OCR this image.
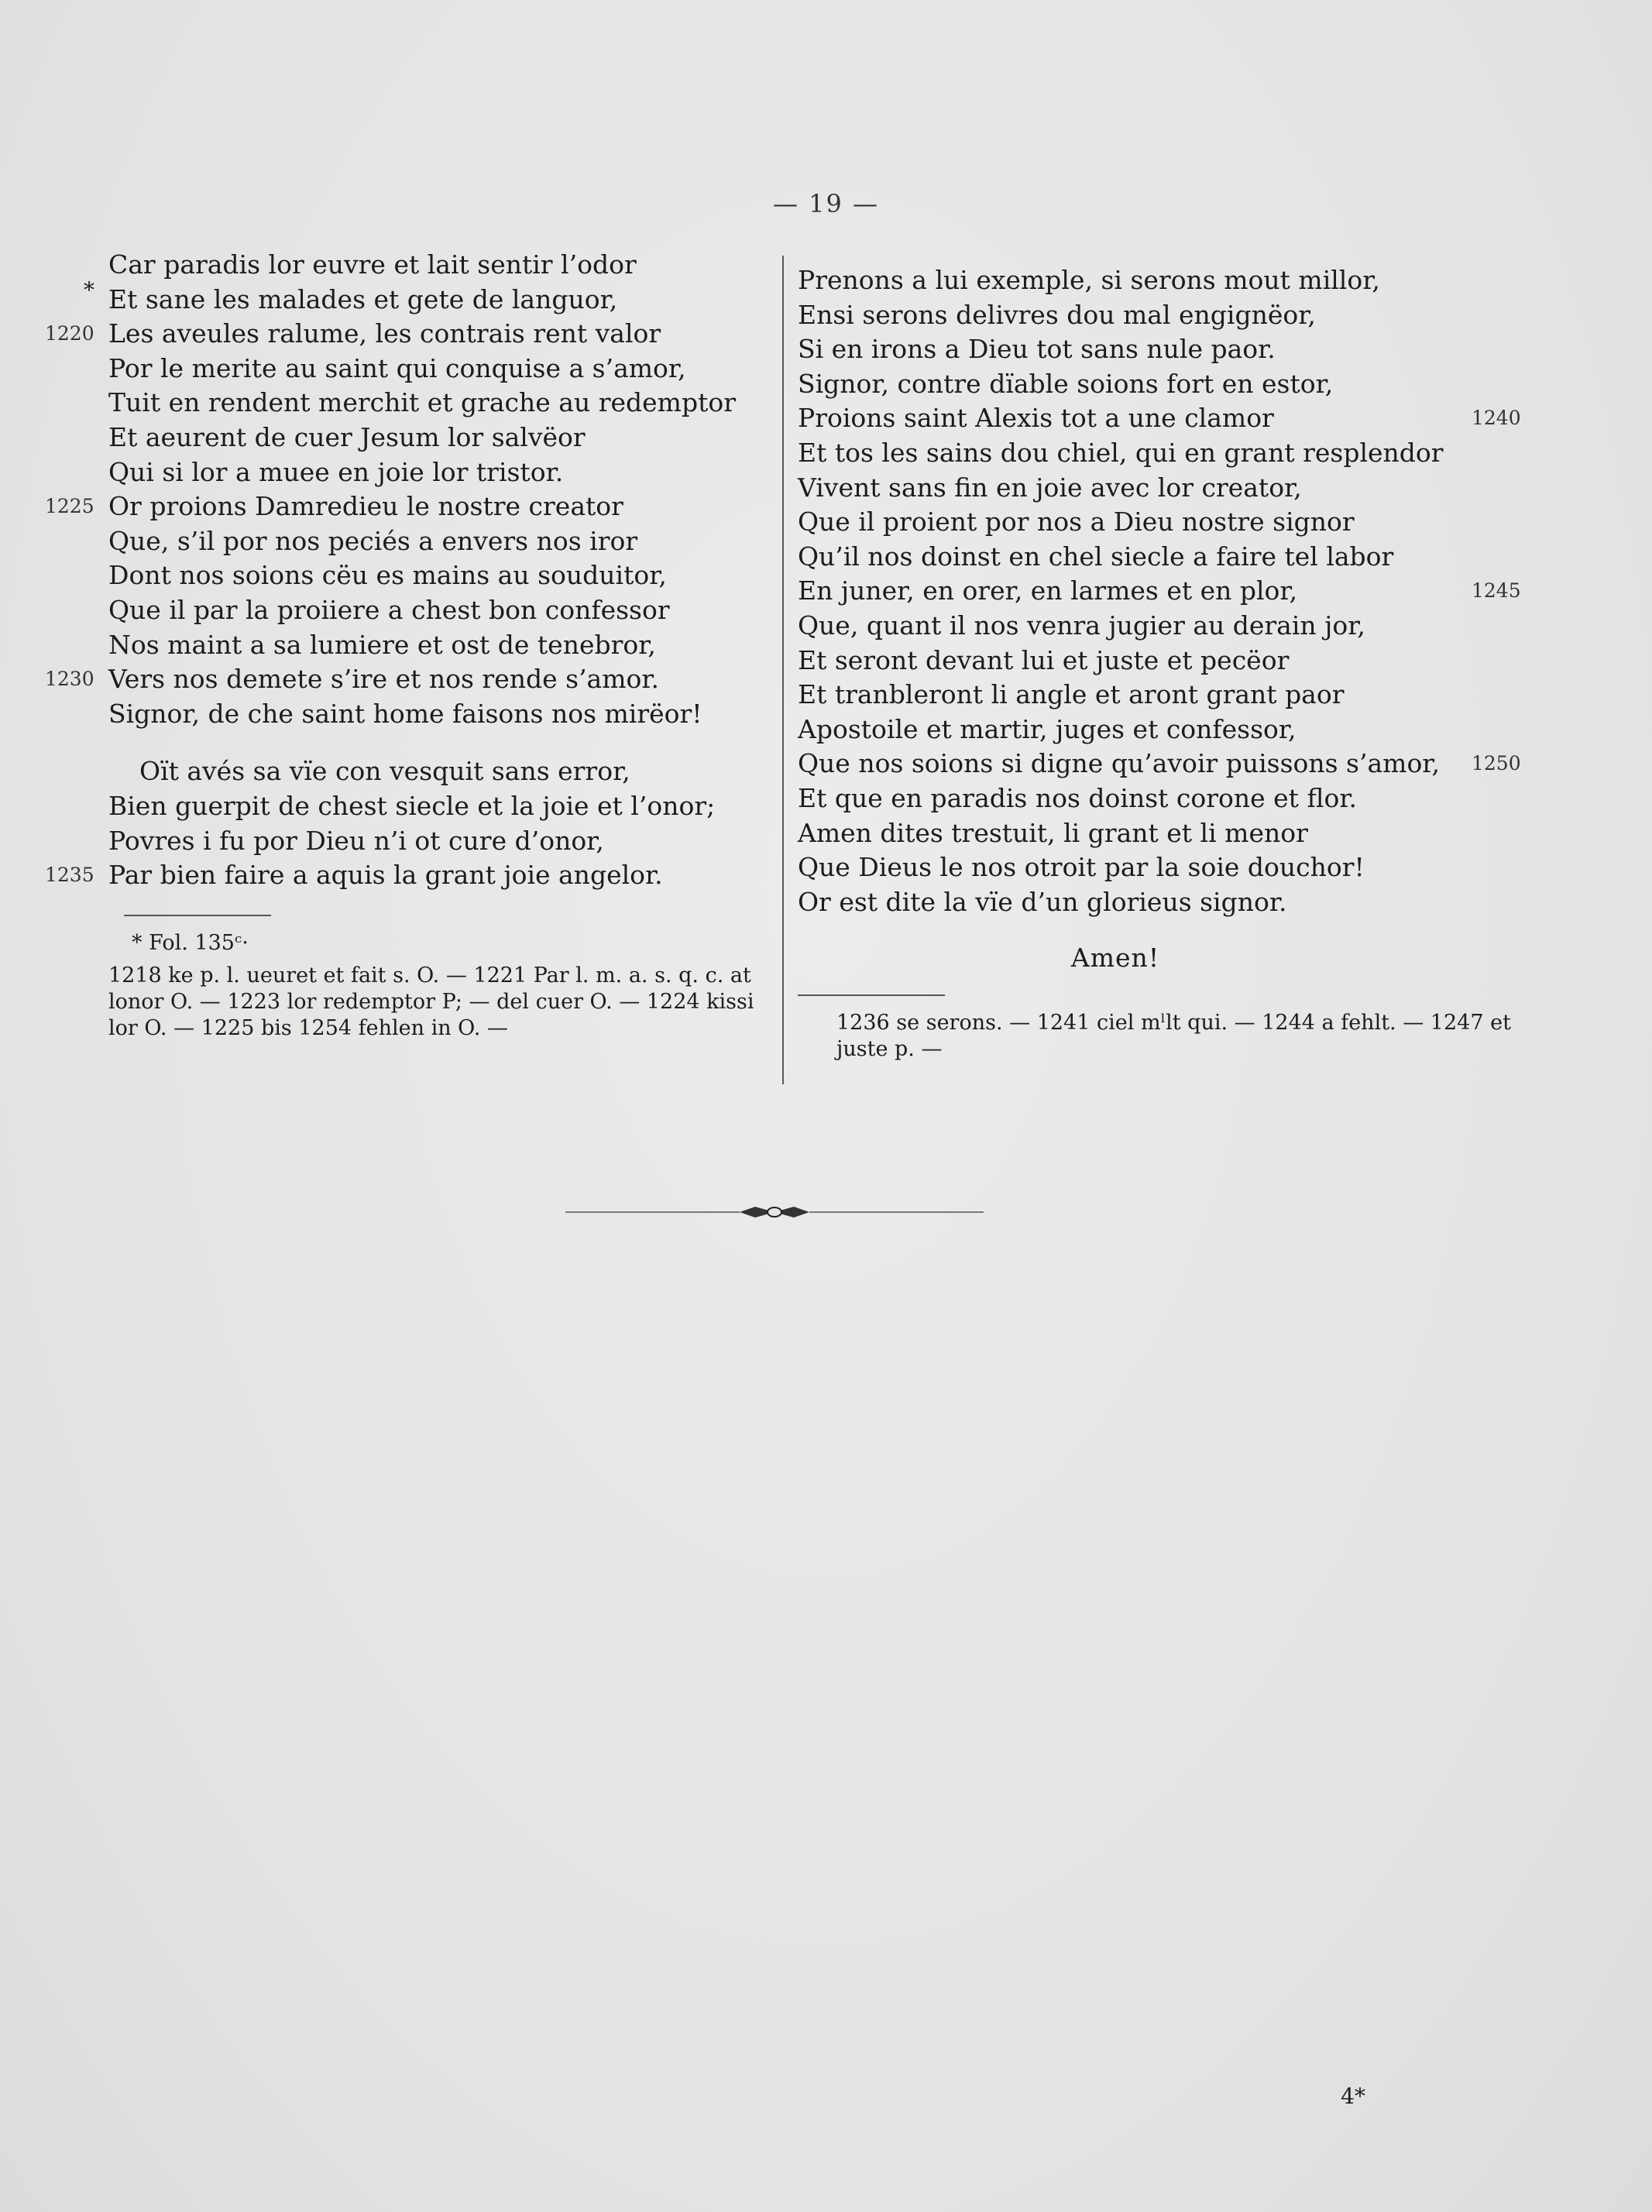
— 19 —
Car paradis lor euvre et lait sentir l’odor
* Et sane les malades et gete de languor,
Les aveules ralume, les contrais rent valor
1220
Por le merite au saint qui conquise a s’amor,
Tuit en rendent merchit et grache au redemptor
Et aeurent de cuer Jesum lor salvëor
Qui si lor a muee en joie lor tristor.
Or proions Damredieu le nostre creator
1225
Que, s’il por nos peciés a envers nos iror
Dont nos soions cëu es mains au souduitor,
Que il par la proiiere a chest bon confessor
Nos maint a sa lumiere et ost de tenebror,
Vers nos demete s’ire et nos rende s’amor.
1230
Signor, de che saint home faisons nos mirëor!
Oït avés sa vïe con vesquit sans error,
Bien guerpit de chest siecle et la joie et l’onor;
Povres i fu por Dieu n’i ot cure d’onor,
Par bien faire a aquis la grant joie angelor.
1235
* Fol. 135ᶜ·
1218 ke p. l. ueuret et fait s. O. — 1221 Par l. m. a. s. q. c. at lonor O. — 1223 lor redemptor P; — del cuer O. — 1224 kissi lor O. — 1225 bis 1254 fehlen in O. —
Prenons a lui exemple, si serons mout millor,
Ensi serons delivres dou mal engignëor,
Si en irons a Dieu tot sans nule paor.
Signor, contre dïable soions fort en estor,
Proions saint Alexis tot a une clamor	1240
Et tos les sains dou chiel, qui en grant resplendor
Vivent sans fin en joie avec lor creator,
Que il proient por nos a Dieu nostre signor
Qu’il nos doinst en chel siecle a faire tel labor
En juner, en orer, en larmes et en plor,	1245
Que, quant il nos venra jugier au derain jor,
Et seront devant lui et juste et pecëor
Et tranbleront li angle et aront grant paor
Apostoile et martir, juges et confessor,
Que nos soions si digne qu’avoir puissons s’amor, 1250
Et que en paradis nos doinst corone et flor.
Amen dites trestuit, li grant et li menor
Que Dieus le nos otroit par la soie douchor!
Or est dite la vïe d’un glorieus signor.
Amen!
1236 se serons. — 1241 ciel mˡlt qui. — 1244 a fehlt. — 1247 et juste p. —
4*
